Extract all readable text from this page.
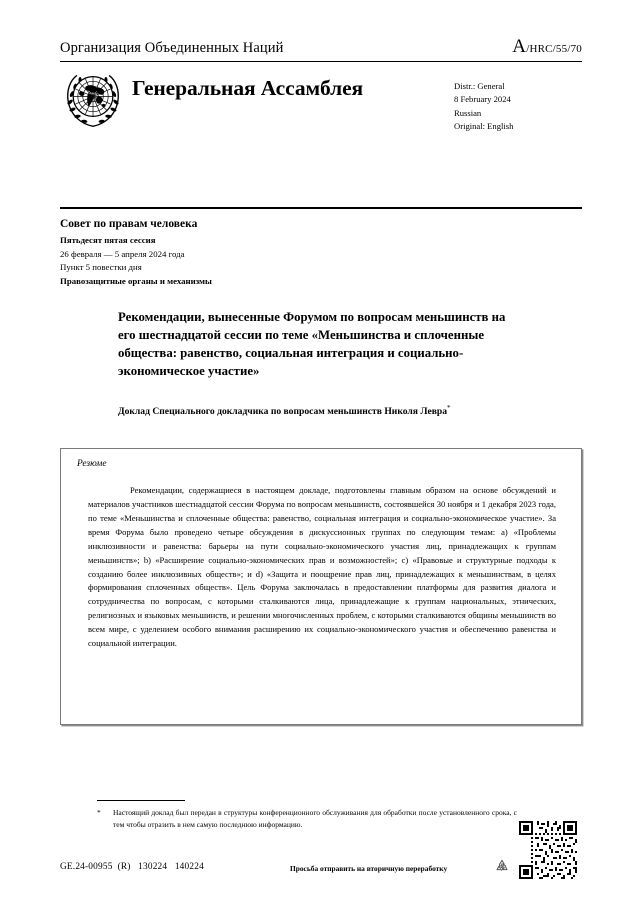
Организация Объединенных Наций	A/HRC/55/70
Генеральная Ассамблея	Distr.: General
8 February 2024
Russian
Original: English
Совет по правам человека
Пятьдесят пятая сессия
26 февраля — 5 апреля 2024 года
Пункт 5 повестки дня
Правозащитные органы и механизмы
Рекомендации, вынесенные Форумом по вопросам меньшинств на его шестнадцатой сессии по теме «Меньшинства и сплоченные общества: равенство, социальная интеграция и социально-экономическое участие»
Доклад Специального докладчика по вопросам меньшинств Николя Левра*
Резюме
Рекомендации, содержащиеся в настоящем докладе, подготовлены главным образом на основе обсуждений и материалов участников шестнадцатой сессии Форума по вопросам меньшинств, состоявшейся 30 ноября и 1 декабря 2023 года, по теме «Меньшинства и сплоченные общества: равенство, социальная интеграция и социально-экономическое участие». За время Форума было проведено четыре обсуждения в дискуссионных группах по следующим темам: a) «Проблемы инклюзивности и равенства: барьеры на пути социально-экономического участия лиц, принадлежащих к группам меньшинств»; b) «Расширение социально-экономических прав и возможностей»; c) «Правовые и структурные подходы к созданию более инклюзивных обществ»; и d) «Защита и поощрение прав лиц, принадлежащих к меньшинствам, в целях формирования сплоченных обществ». Цель Форума заключалась в предоставлении платформы для развития диалога и сотрудничества по вопросам, с которыми сталкиваются лица, принадлежащие к группам национальных, этнических, религиозных и языковых меньшинств, и решении многочисленных проблем, с которыми сталкиваются общины меньшинств во всем мире, с уделением особого внимания расширению их социально-экономического участия и обеспечению равенства и социальной интеграции.
*	Настоящий доклад был передан в структуры конференционного обслуживания для обработки после установленного срока, с тем чтобы отразить в нем самую последнюю информацию.
GE.24-00955  (R)   130224   140224	Просьба отправить на вторичную переработку
